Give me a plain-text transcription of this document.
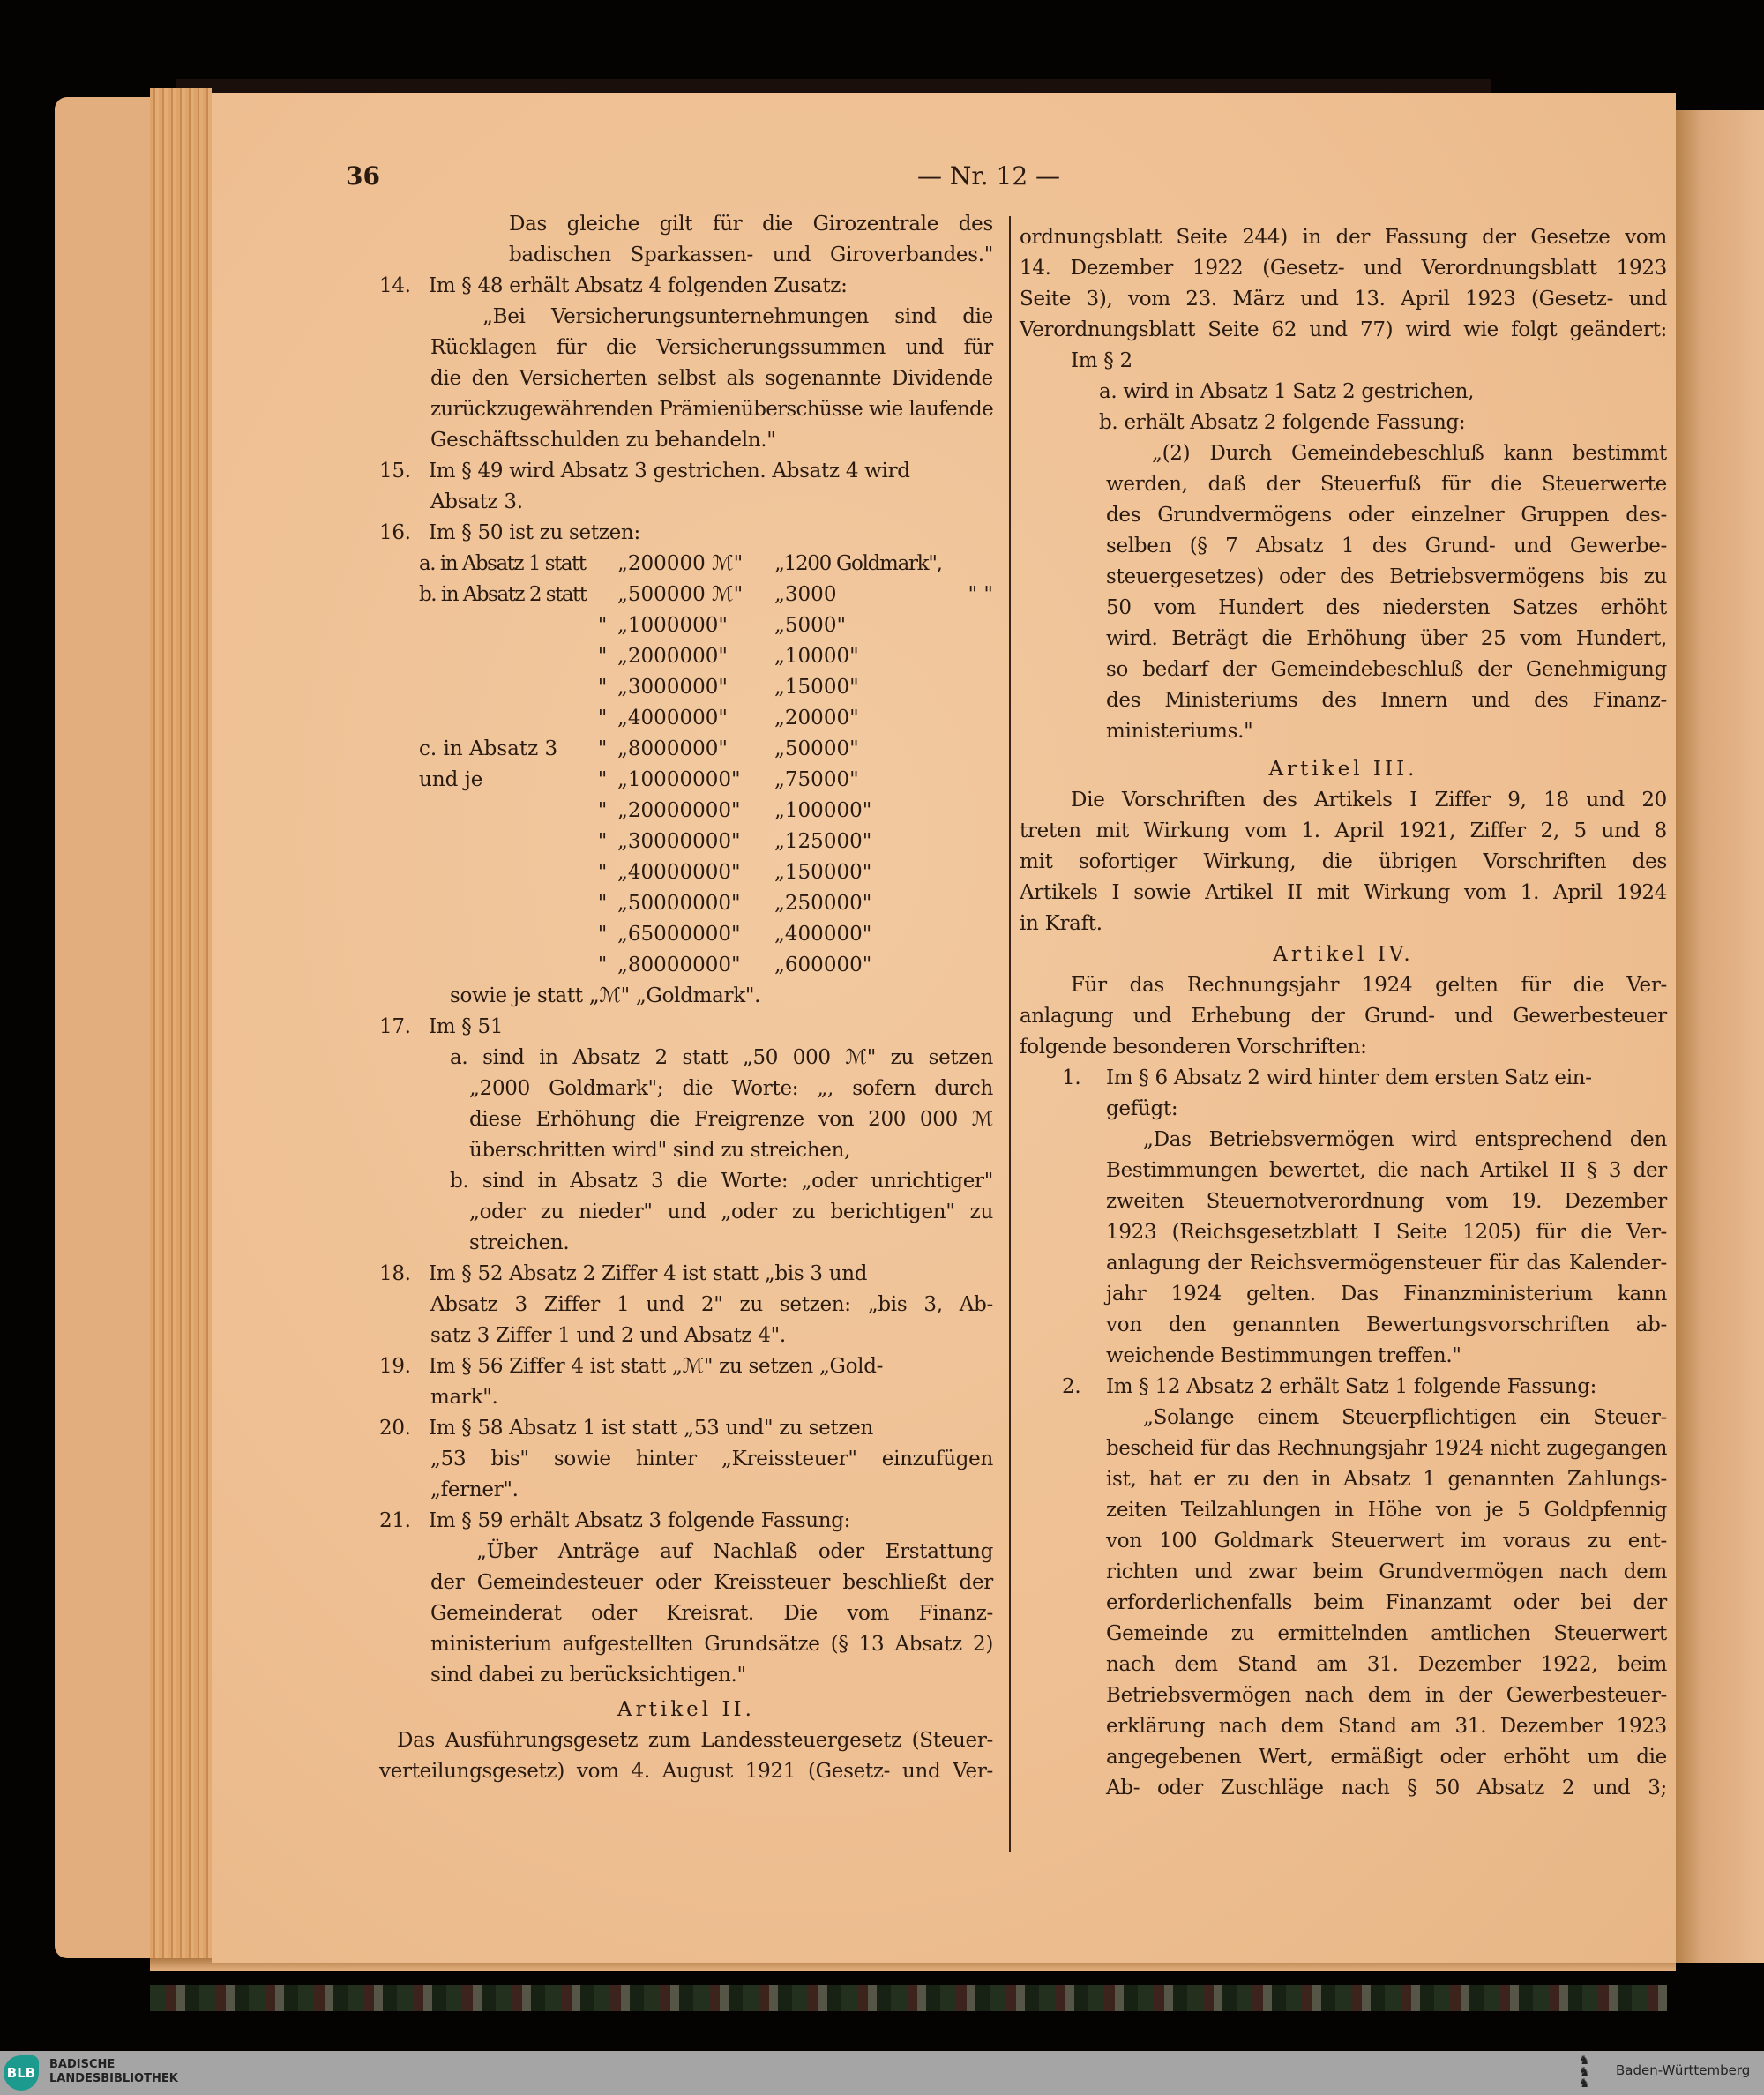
36	— Nr. 12 —
Das gleiche gilt für die Girozentrale des
badischen Sparkassen- und Giroverbandes."
14. Im § 48 erhält Absatz 4 folgenden Zusatz:
„Bei Versicherungsunternehmungen sind die
Rücklagen für die Versicherungssummen und für
die den Versicherten selbst als sogenannte Dividende
zurückzugewährenden Prämienüberschüsse wie laufende
Geschäftsschulden zu behandeln."
15. Im § 49 wird Absatz 3 gestrichen. Absatz 4 wird
Absatz 3.
16. Im § 50 ist zu setzen:
a. in Absatz 1 statt „200000 ℳ"	„1200 Goldmark",
b. in Absatz 2 statt „500000 ℳ"	„3000	" "
" „1000000"	„5000"
" „2000000"	„10000"
" „3000000"	„15000"
" „4000000"	„20000"
c. in Absatz 3	" „8000000"	„50000"
und je	" „10000000"	„75000"
" „20000000"	„100000"
" „30000000"	„125000"
" „40000000"	„150000"
" „50000000"	„250000"
" „65000000"	„400000"
" „80000000"	„600000"
sowie je statt „ℳ" „Goldmark".
17. Im § 51
a. sind in Absatz 2 statt „50 000 ℳ" zu setzen
„2000 Goldmark"; die Worte: „, sofern durch
diese Erhöhung die Freigrenze von 200 000 ℳ
überschritten wird" sind zu streichen,
b. sind in Absatz 3 die Worte: „oder unrichtiger"
„oder zu nieder" und „oder zu berichtigen" zu
streichen.
18. Im § 52 Absatz 2 Ziffer 4 ist statt „bis 3 und
Absatz 3 Ziffer 1 und 2" zu setzen: „bis 3, Ab-
satz 3 Ziffer 1 und 2 und Absatz 4".
19. Im § 56 Ziffer 4 ist statt „ℳ" zu setzen „Gold-
mark".
20. Im § 58 Absatz 1 ist statt „53 und" zu setzen
„53 bis" sowie hinter „Kreissteuer" einzufügen
„ferner".
21. Im § 59 erhält Absatz 3 folgende Fassung:
„Über Anträge auf Nachlaß oder Erstattung
der Gemeindesteuer oder Kreissteuer beschließt der
Gemeinderat oder Kreisrat. Die vom Finanz-
ministerium aufgestellten Grundsätze (§ 13 Absatz 2)
sind dabei zu berücksichtigen."
Artikel II.
Das Ausführungsgesetz zum Landessteuergesetz (Steuer-
verteilungsgesetz) vom 4. August 1921 (Gesetz- und Ver-
ordnungsblatt Seite 244) in der Fassung der Gesetze vom
14. Dezember 1922 (Gesetz- und Verordnungsblatt 1923
Seite 3), vom 23. März und 13. April 1923 (Gesetz- und
Verordnungsblatt Seite 62 und 77) wird wie folgt geändert:
Im § 2
a. wird in Absatz 1 Satz 2 gestrichen,
b. erhält Absatz 2 folgende Fassung:
„(2) Durch Gemeindebeschluß kann bestimmt
werden, daß der Steuerfuß für die Steuerwerte
des Grundvermögens oder einzelner Gruppen des-
selben (§ 7 Absatz 1 des Grund- und Gewerbe-
steuergesetzes) oder des Betriebsvermögens bis zu
50 vom Hundert des niedersten Satzes erhöht
wird. Beträgt die Erhöhung über 25 vom Hundert,
so bedarf der Gemeindebeschluß der Genehmigung
des Ministeriums des Innern und des Finanz-
ministeriums."
Artikel III.
Die Vorschriften des Artikels I Ziffer 9, 18 und 20
treten mit Wirkung vom 1. April 1921, Ziffer 2, 5 und 8
mit sofortiger Wirkung, die übrigen Vorschriften des
Artikels I sowie Artikel II mit Wirkung vom 1. April 1924
in Kraft.
Artikel IV.
Für das Rechnungsjahr 1924 gelten für die Ver-
anlagung und Erhebung der Grund- und Gewerbesteuer
folgende besonderen Vorschriften:
1. Im § 6 Absatz 2 wird hinter dem ersten Satz ein-
gefügt:
„Das Betriebsvermögen wird entsprechend den
Bestimmungen bewertet, die nach Artikel II § 3 der
zweiten Steuernotverordnung vom 19. Dezember
1923 (Reichsgesetzblatt I Seite 1205) für die Ver-
anlagung der Reichsvermögensteuer für das Kalender-
jahr 1924 gelten. Das Finanzministerium kann
von den genannten Bewertungsvorschriften ab-
weichende Bestimmungen treffen."
2. Im § 12 Absatz 2 erhält Satz 1 folgende Fassung:
„Solange einem Steuerpflichtigen ein Steuer-
bescheid für das Rechnungsjahr 1924 nicht zugegangen
ist, hat er zu den in Absatz 1 genannten Zahlungs-
zeiten Teilzahlungen in Höhe von je 5 Goldpfennig
von 100 Goldmark Steuerwert im voraus zu ent-
richten und zwar beim Grundvermögen nach dem
erforderlichenfalls beim Finanzamt oder bei der
Gemeinde zu ermittelnden amtlichen Steuerwert
nach dem Stand am 31. Dezember 1922, beim
Betriebsvermögen nach dem in der Gewerbesteuer-
erklärung nach dem Stand am 31. Dezember 1923
angegebenen Wert, ermäßigt oder erhöht um die
Ab- oder Zuschläge nach § 50 Absatz 2 und 3;
BLB
BADISCHE
LANDESBIBLIOTHEK
♞
♞
♞
Baden-Württemberg
